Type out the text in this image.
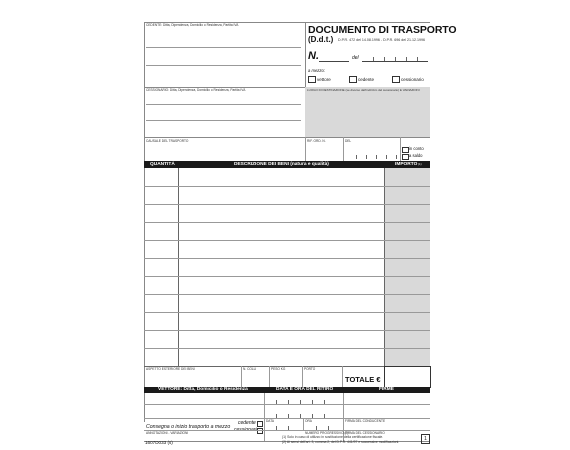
CEDENTE: Ditta, Dipendenza, Domicilio o Residenza, Partita IVA	DOCUMENTO DI TRASPORTO
(D.d.t.) D.P.R. 472 del 14.08.1996 - D.P.R. 696 del 21.12.1996
N.	del
a mezzo:
vettore	cedente	cessionario
CESSIONARIO: Ditta, Dipendenza, Domicilio o Residenza, Partita IVA	LUOGO DI DESTINAZIONE (se diverso dall'indirizzo del cessionario) E VARIAZIONI
CAUSALE DEL TRASPORTO	RIF. ORD. N.	DEL
in conto
a saldo
QUANTITÀ	DESCRIZIONE DEI BENI (natura e qualità)	IMPORTO (1)
ASPETTO ESTERIORE DEI BENI	N. COLLI	PESO KG	PORTO
TOTALE €
VETTORE: Ditta, Domicilio o Residenza	DATA E ORA DEL RITIRO	FIRME
DATA	ORA	FIRMA DEL CONDUCENTE
Consegna o inizio trasporto a mezzo
cedente
ANNOTAZIONI - VARIAZIONI	NUMERO PROGRESSIVO (2)
FIRMA DEL CESSIONARIO
1607D033 (s)
(1) Solo in caso di utilizzo in sostituzione della certificazione fiscale.
(2) Ai sensi dell'art. 3, comma 2, del D.P.R. 441/97 e successive modificazioni.	1
